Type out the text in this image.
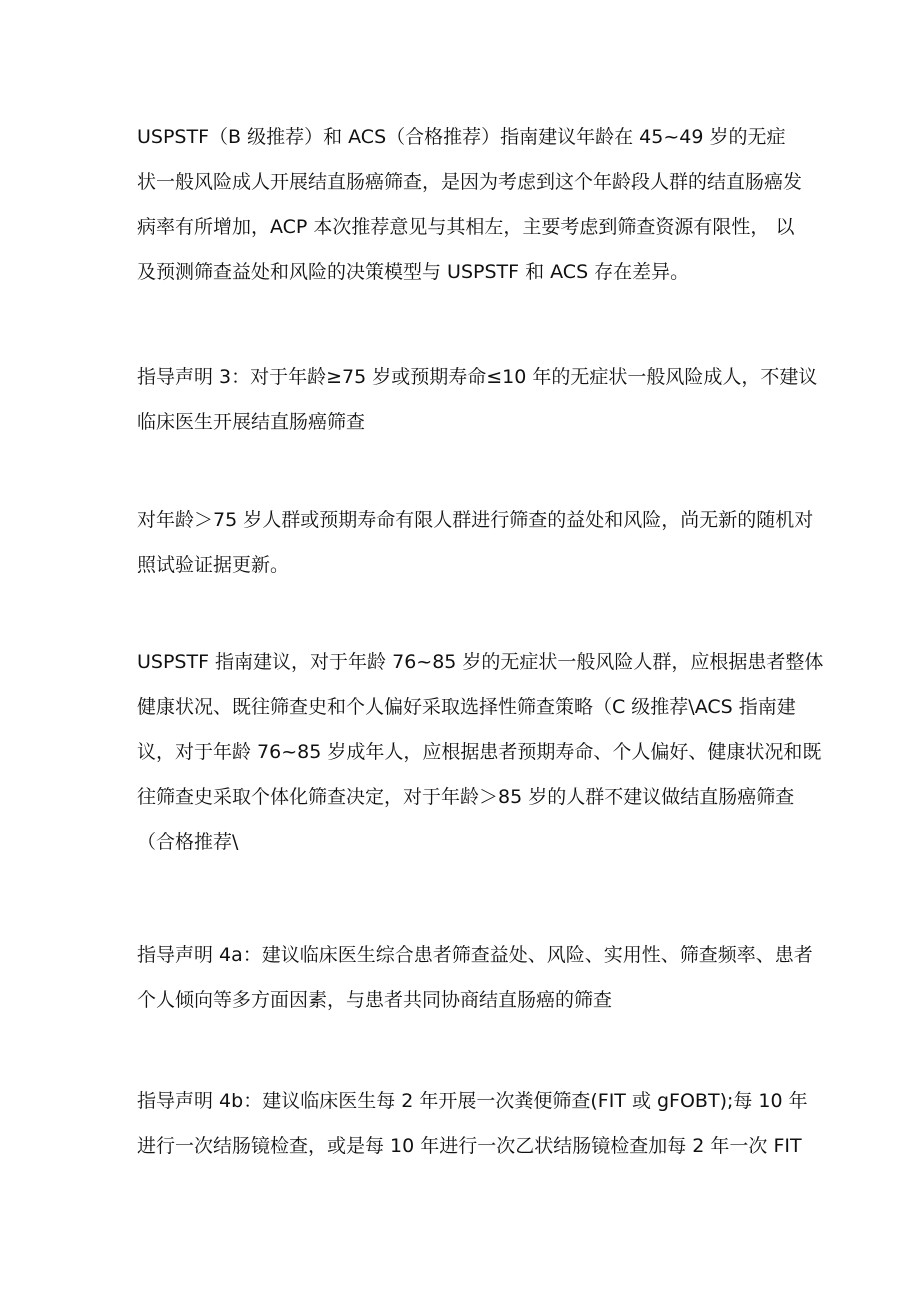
USPSTF（B 级推荐）和 ACS（合格推荐）指南建议年龄在 45~49 岁的无症
状一般风险成人开展结直肠癌筛查，是因为考虑到这个年龄段人群的结直肠癌发
病率有所增加，ACP 本次推荐意见与其相左，主要考虑到筛查资源有限性， 以
及预测筛查益处和风险的决策模型与 USPSTF 和 ACS 存在差异。

指导声明 3：对于年龄≥75 岁或预期寿命≤10 年的无症状一般风险成人，不建议
临床医生开展结直肠癌筛查

对年龄＞75 岁人群或预期寿命有限人群进行筛查的益处和风险，尚无新的随机对
照试验证据更新。

USPSTF 指南建议，对于年龄 76~85 岁的无症状一般风险人群，应根据患者整体
健康状况、既往筛查史和个人偏好采取选择性筛查策略（C 级推荐\ACS 指南建
议，对于年龄 76~85 岁成年人，应根据患者预期寿命、个人偏好、健康状况和既
往筛查史采取个体化筛查决定，对于年龄＞85 岁的人群不建议做结直肠癌筛查
（合格推荐\

指导声明 4a：建议临床医生综合患者筛查益处、风险、实用性、筛查频率、患者
个人倾向等多方面因素，与患者共同协商结直肠癌的筛查

指导声明 4b：建议临床医生每 2 年开展一次粪便筛查(FIT 或 gFOBT);每 10 年
进行一次结肠镜检查，或是每 10 年进行一次乙状结肠镜检查加每 2 年一次 FIT
